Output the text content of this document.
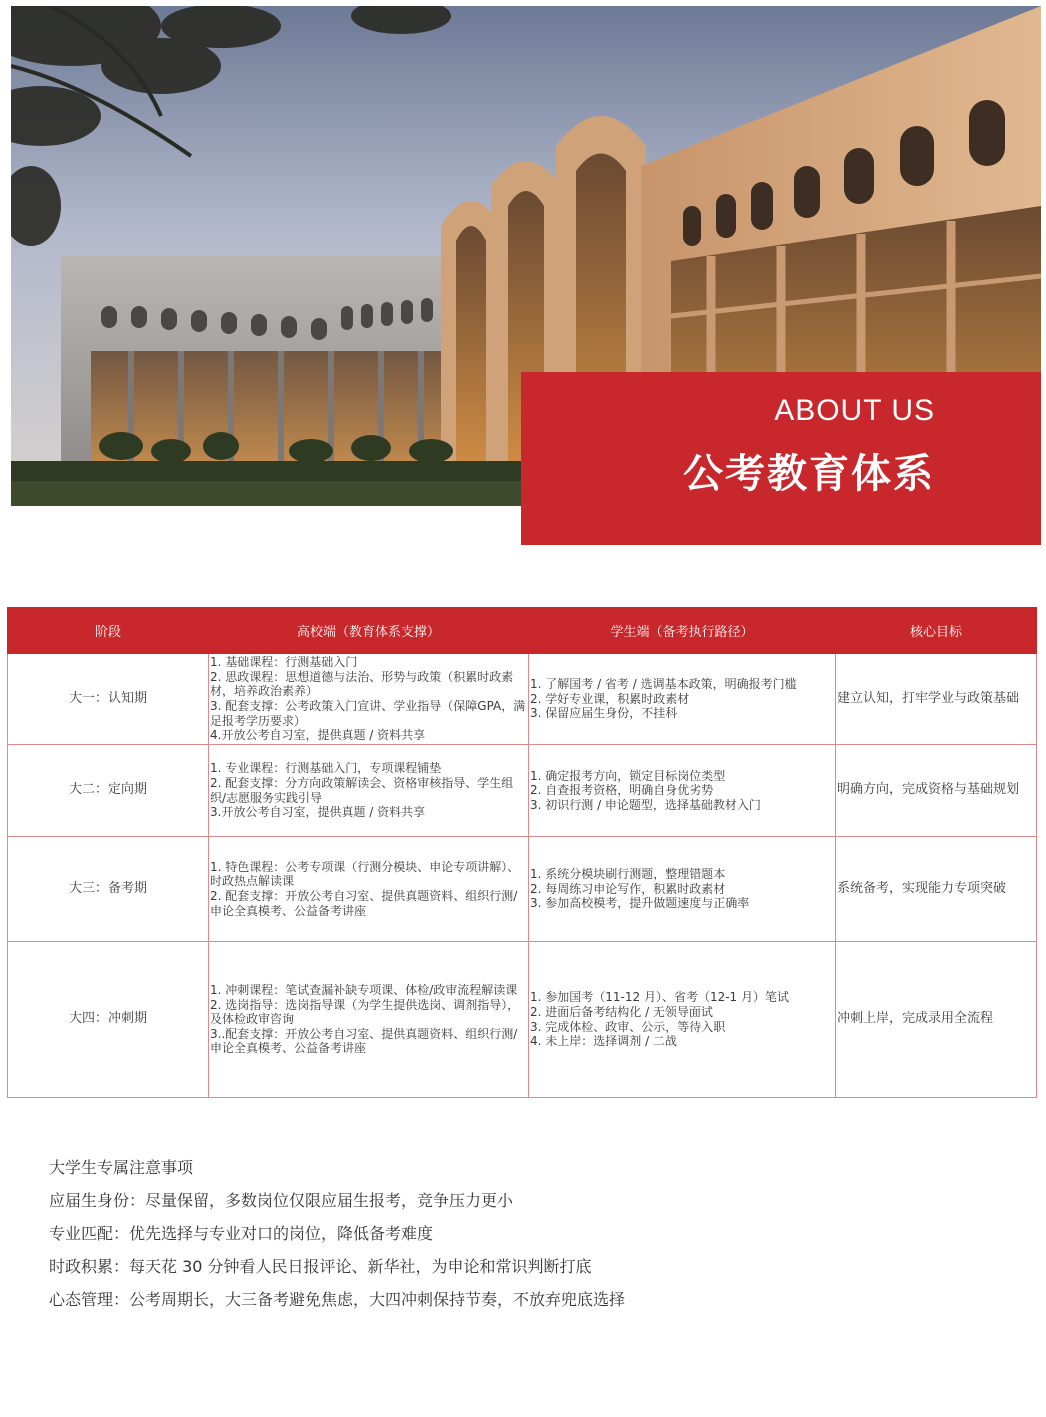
ABOUT US
公考教育体系
阶段	高校端（教育体系支撑）	学生端（备考执行路径）	核心目标
大一：认知期	1. 基础课程：行测基础入门
2. 思政课程：思想道德与法治、形势与政策（积累时政素材，培养政治素养）
3. 配套支撑：公考政策入门宣讲、学业指导（保障GPA，满足报考学历要求）
4.开放公考自习室，提供真题 / 资料共享	1. 了解国考 / 省考 / 选调基本政策，明确报考门槛
2. 学好专业课，积累时政素材
3. 保留应届生身份，不挂科	建立认知，打牢学业与政策基础
大二：定向期	1. 专业课程：行测基础入门，专项课程铺垫
2. 配套支撑：分方向政策解读会、资格审核指导、学生组织/志愿服务实践引导
3.开放公考自习室，提供真题 / 资料共享	1. 确定报考方向，锁定目标岗位类型
2. 自查报考资格，明确自身优劣势
3. 初识行测 / 申论题型，选择基础教材入门	明确方向，完成资格与基础规划
大三：备考期	1. 特色课程：公考专项课（行测分模块、申论专项讲解）、时政热点解读课
2. 配套支撑：开放公考自习室、提供真题资料、组织行测/申论全真模考、公益备考讲座	1. 系统分模块刷行测题，整理错题本
2. 每周练习申论写作，积累时政素材
3. 参加高校模考，提升做题速度与正确率	系统备考，实现能力专项突破
大四：冲刺期	1. 冲刺课程：笔试查漏补缺专项课、体检/政审流程解读课
2. 选岗指导：选岗指导课（为学生提供选岗、调剂指导），及体检政审咨询
3..配套支撑：开放公考自习室、提供真题资料、组织行测/申论全真模考、公益备考讲座	1. 参加国考（11-12 月）、省考（12-1 月）笔试
2. 进面后备考结构化 / 无领导面试
3. 完成体检、政审、公示，等待入职
4. 未上岸：选择调剂 / 二战	冲刺上岸，完成录用全流程
大学生专属注意事项
应届生身份：尽量保留，多数岗位仅限应届生报考，竞争压力更小
专业匹配：优先选择与专业对口的岗位，降低备考难度
时政积累：每天花 30 分钟看人民日报评论、新华社，为申论和常识判断打底
心态管理：公考周期长，大三备考避免焦虑，大四冲刺保持节奏，不放弃兜底选择
